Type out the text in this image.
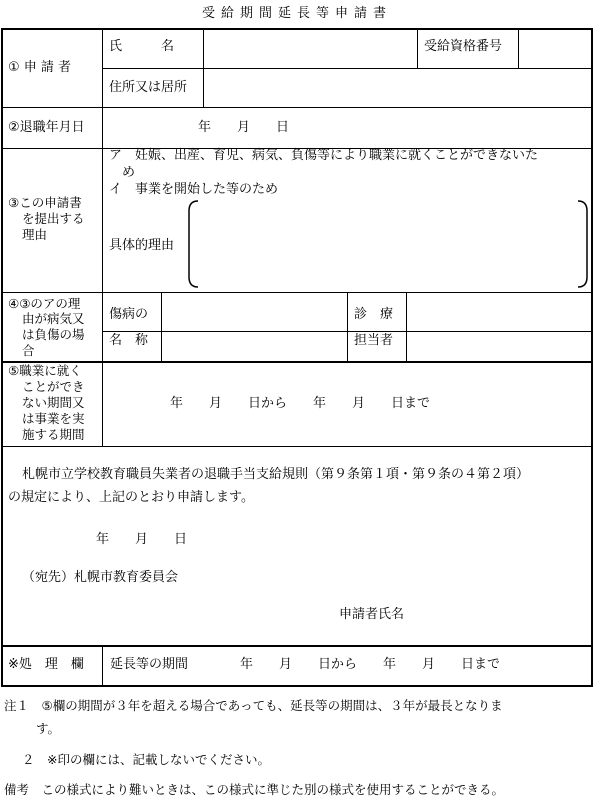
受給期間延長等申請書
① 申 請 者
氏　　　名	受給資格番号
住所又は居所
②退職年月日	年　　月　　日
③この申請書
を提出する
理由
ア　妊娠、出産、育児、病気、負傷等により職業に就くことができないた
め
イ　事業を開始した等のため
具体的理由
④③のアの理
由が病気又
は負傷の場
合
傷病の
名　称
診　療
担当者
⑤職業に就く
ことができ
ない期間又
は事業を実
施する期間
年　　月　　日から　　年　　月　　日まで
札幌市立学校教育職員失業者の退職手当支給規則（第９条第１項・第９条の４第２項）
の規定により、上記のとおり申請します。
年　　月　　日
（宛先）札幌市教育委員会
申請者氏名
※処　理　欄 延長等の期間　　　　年　　月　　日から　　年　　月　　日まで
注１　⑤欄の期間が３年を超える場合であっても、延長等の期間は、３年が最長となりま
す。
２　※印の欄には、記載しないでください。
備考　この様式により難いときは、この様式に準じた別の様式を使用することができる。
